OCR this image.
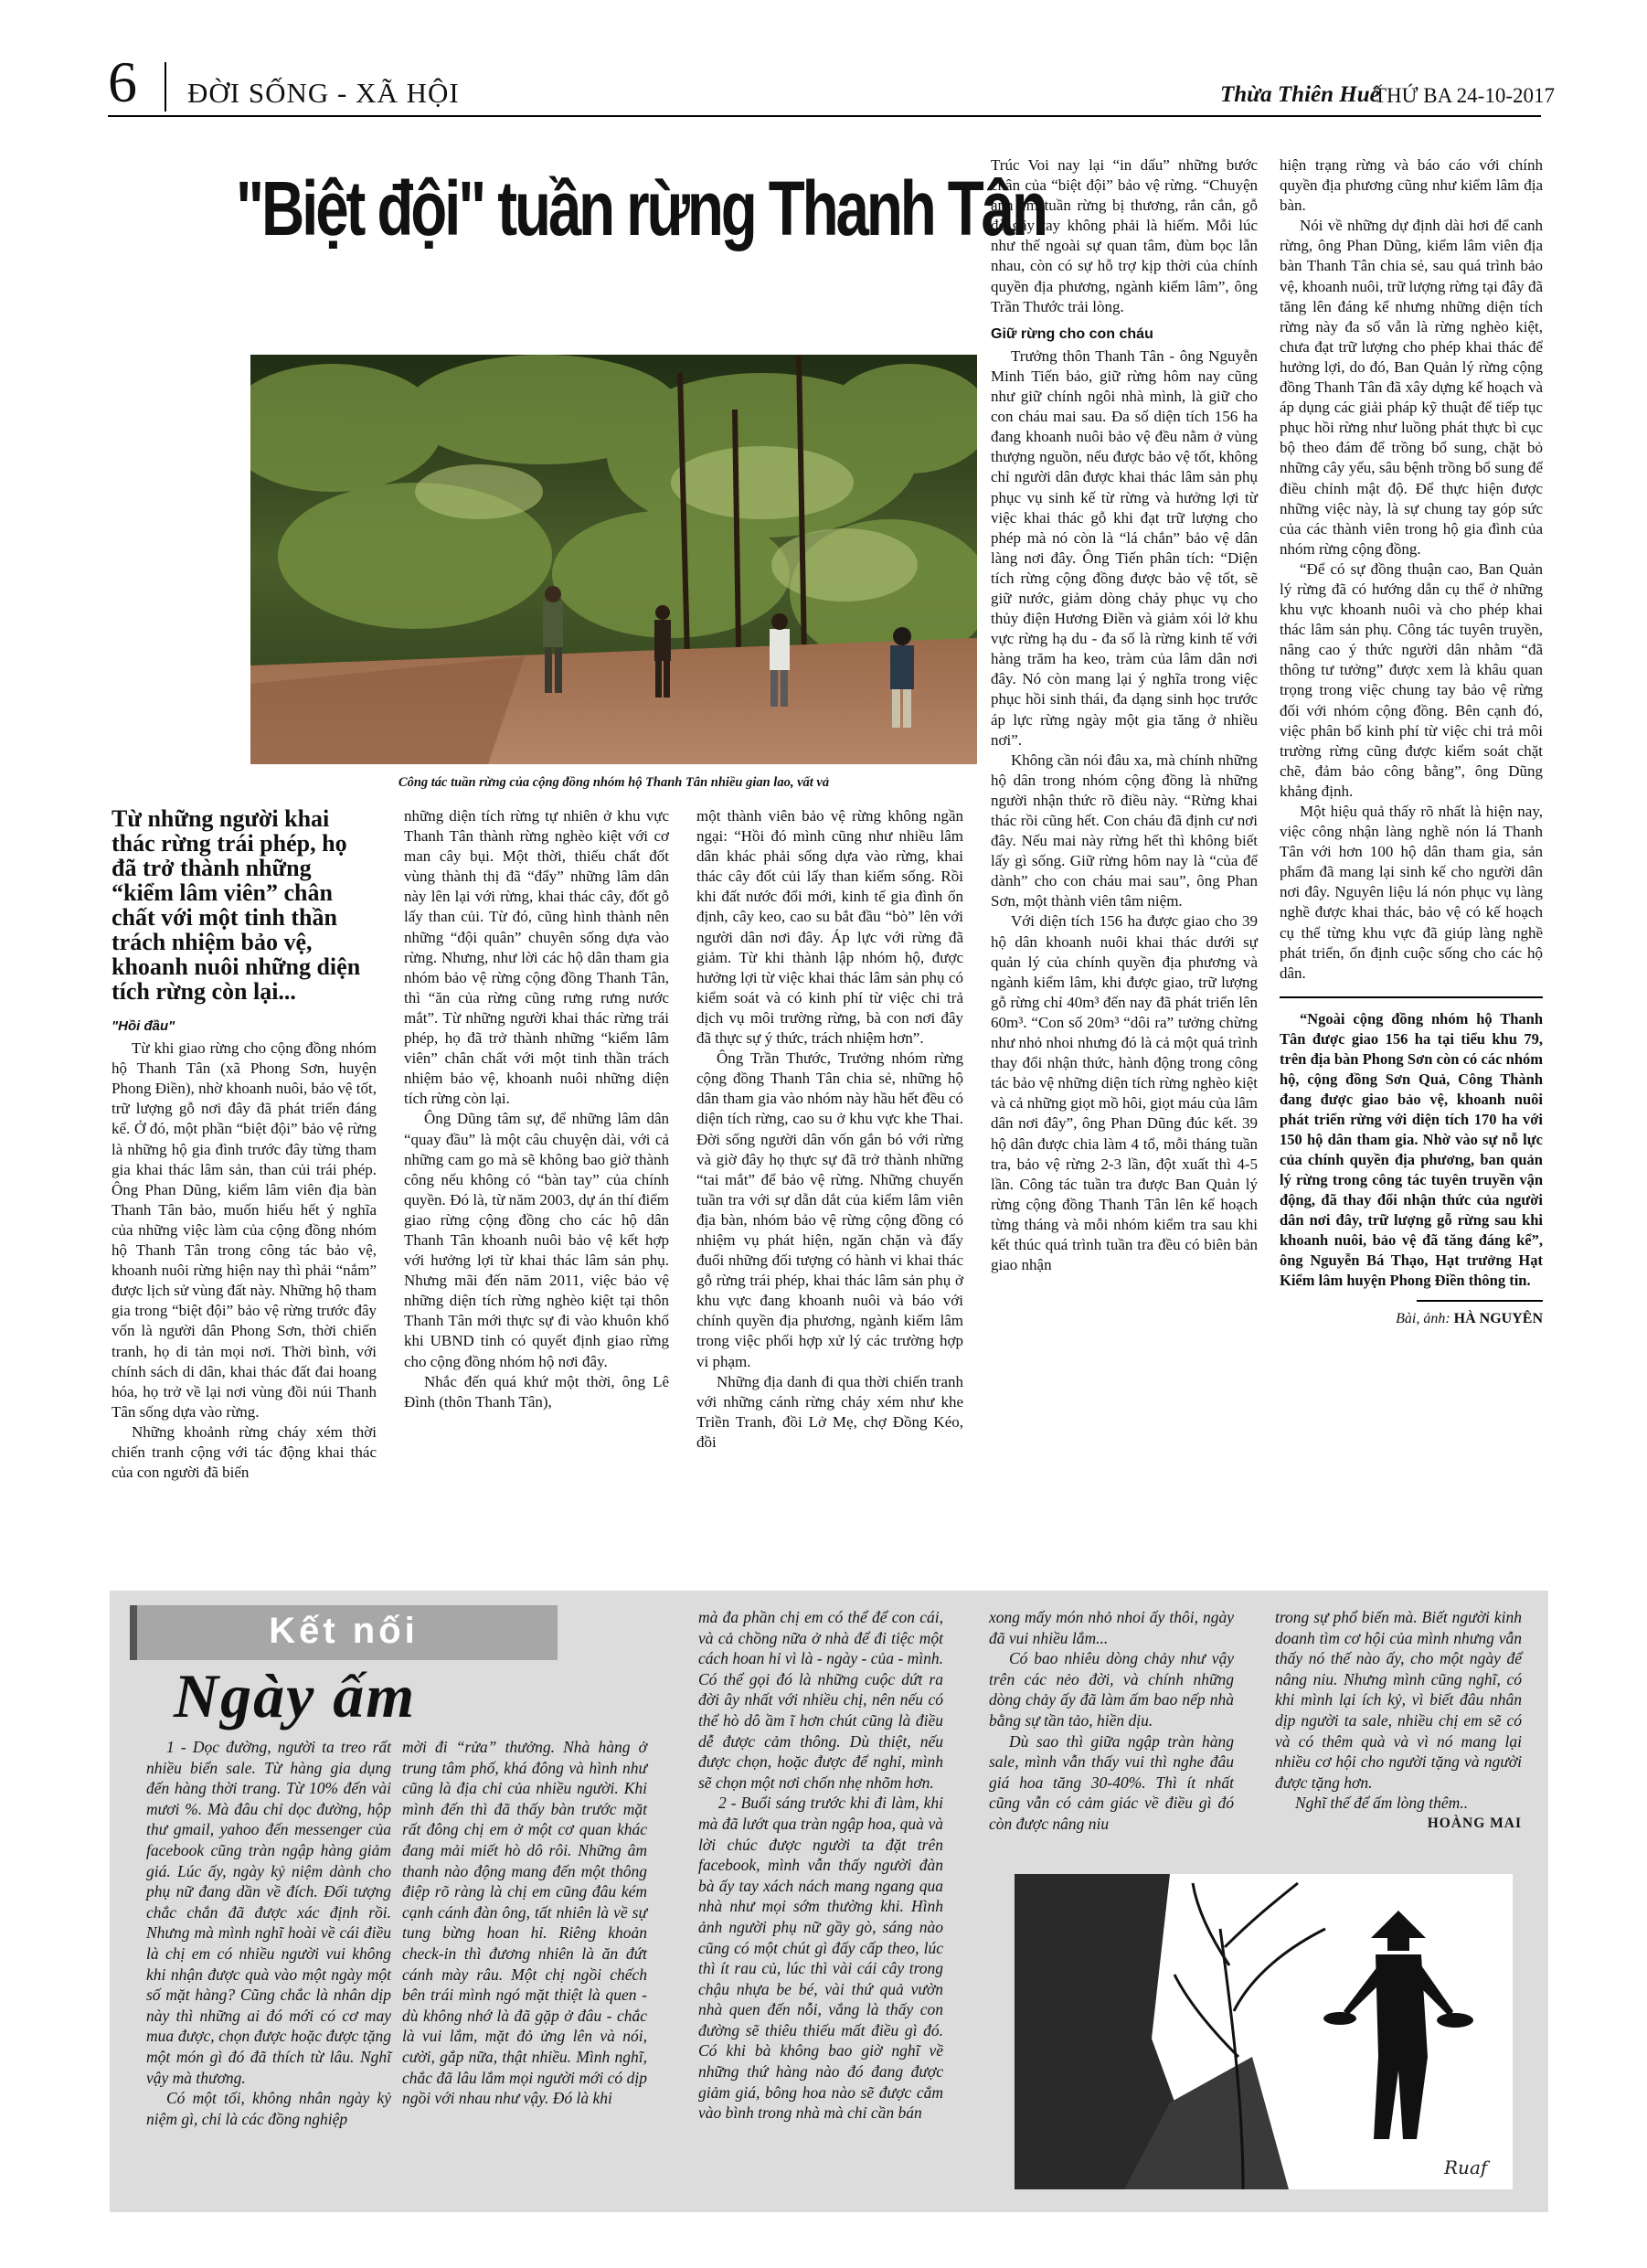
6 ĐỜI SỐNG - XÃ HỘI	Thừa Thiên Huế
THỨ BA 24-10-2017
"Biệt đội" tuần rừng Thanh Tân
Công tác tuần rừng của cộng đồng nhóm hộ Thanh Tân nhiều gian lao, vất vả

Từ những người khai thác rừng trái phép, họ đã trở thành những “kiểm lâm viên” chân chất với một tinh thần trách nhiệm bảo vệ, khoanh nuôi những diện tích rừng còn lại...

"Hồi đầu"

Từ khi giao rừng cho cộng đồng nhóm hộ Thanh Tân (xã Phong Sơn, huyện Phong Điền), nhờ khoanh nuôi, bảo vệ tốt, trữ lượng gỗ nơi đây đã phát triển đáng kể. Ở đó, một phần “biệt đội” bảo vệ rừng là những hộ gia đình trước đây từng tham gia khai thác lâm sản, than củi trái phép. Ông Phan Dũng, kiểm lâm viên địa bàn Thanh Tân bảo, muốn hiểu hết ý nghĩa của những việc làm của cộng đồng nhóm hộ Thanh Tân trong công tác bảo vệ, khoanh nuôi rừng hiện nay thì phải “nắm” được lịch sử vùng đất này. Những hộ tham gia trong “biệt đội” bảo vệ rừng trước đây vốn là người dân Phong Sơn, thời chiến tranh, họ di tản mọi nơi. Thời bình, với chính sách di dân, khai thác đất đai hoang hóa, họ trở về lại nơi vùng đồi núi Thanh Tân sống dựa vào rừng.

Những khoảnh rừng cháy xém thời chiến tranh cộng với tác động khai thác của con người đã biến

những diện tích rừng tự nhiên ở khu vực Thanh Tân thành rừng nghèo kiệt với cơ man cây bụi. Một thời, thiếu chất đốt vùng thành thị đã “đẩy” những lâm dân này lên lại với rừng, khai thác cây, đốt gỗ lấy than củi. Từ đó, cũng hình thành nên những “đội quân” chuyên sống dựa vào rừng. Nhưng, như lời các hộ dân tham gia nhóm bảo vệ rừng cộng đồng Thanh Tân, thì “ăn của rừng cũng rưng rưng nước mắt”. Từ những người khai thác rừng trái phép, họ đã trở thành những “kiểm lâm viên” chân chất với một tinh thần trách nhiệm bảo vệ, khoanh nuôi những diện tích rừng còn lại.

Ông Dũng tâm sự, để những lâm dân “quay đầu” là một câu chuyện dài, với cả những cam go mà sẽ không bao giờ thành công nếu không có “bàn tay” của chính quyền. Đó là, từ năm 2003, dự án thí điểm giao rừng cộng đồng cho các hộ dân Thanh Tân khoanh nuôi bảo vệ kết hợp với hưởng lợi từ khai thác lâm sản phụ. Nhưng mãi đến năm 2011, việc bảo vệ những diện tích rừng nghèo kiệt tại thôn Thanh Tân mới thực sự đi vào khuôn khổ khi UBND tỉnh có quyết định giao rừng cho cộng đồng nhóm hộ nơi đây.

Nhắc đến quá khứ một thời, ông Lê Đình (thôn Thanh Tân),

một thành viên bảo vệ rừng không ngần ngại: “Hồi đó mình cũng như nhiều lâm dân khác phải sống dựa vào rừng, khai thác cây đốt củi lấy than kiếm sống. Rồi khi đất nước đổi mới, kinh tế gia đình ổn định, cây keo, cao su bắt đầu “bò” lên với người dân nơi đây. Áp lực với rừng đã giảm. Từ khi thành lập nhóm hộ, được hưởng lợi từ việc khai thác lâm sản phụ có kiểm soát và có kinh phí từ việc chi trả dịch vụ môi trường rừng, bà con nơi đây đã thực sự ý thức, trách nhiệm hơn”.

Ông Trần Thước, Trưởng nhóm rừng cộng đồng Thanh Tân chia sẻ, những hộ dân tham gia vào nhóm này hầu hết đều có diện tích rừng, cao su ở khu vực khe Thai. Đời sống người dân vốn gắn bó với rừng và giờ đây họ thực sự đã trở thành những “tai mắt” để bảo vệ rừng. Những chuyến tuần tra với sự dẫn dắt của kiểm lâm viên địa bàn, nhóm bảo vệ rừng cộng đồng có nhiệm vụ phát hiện, ngăn chặn và đẩy đuổi những đối tượng có hành vi khai thác gỗ rừng trái phép, khai thác lâm sản phụ ở khu vực đang khoanh nuôi và báo với chính quyền địa phương, ngành kiểm lâm trong việc phối hợp xử lý các trường hợp vi phạm.

Những địa danh đi qua thời chiến tranh với những cánh rừng cháy xém như khe Triền Tranh, đồi Lở Mẹ, chợ Đồng Kéo, đồi

Trúc Voi nay lại “in dấu” những bước chân của “biệt đội” bảo vệ rừng. “Chuyện anh em tuần rừng bị thương, rắn cắn, gỗ đè gãy tay không phải là hiếm. Mỗi lúc như thế ngoài sự quan tâm, đùm bọc lẫn nhau, còn có sự hỗ trợ kịp thời của chính quyền địa phương, ngành kiểm lâm”, ông Trần Thước trải lòng.

Giữ rừng cho con cháu

Trưởng thôn Thanh Tân - ông Nguyễn Minh Tiến bảo, giữ rừng hôm nay cũng như giữ chính ngôi nhà mình, là giữ cho con cháu mai sau. Đa số diện tích 156 ha đang khoanh nuôi bảo vệ đều nằm ở vùng thượng nguồn, nếu được bảo vệ tốt, không chỉ người dân được khai thác lâm sản phụ phục vụ sinh kế từ rừng và hưởng lợi từ việc khai thác gỗ khi đạt trữ lượng cho phép mà nó còn là “lá chắn” bảo vệ dân làng nơi đây. Ông Tiến phân tích: “Diện tích rừng cộng đồng được bảo vệ tốt, sẽ giữ nước, giảm dòng chảy phục vụ cho thủy điện Hương Điền và giảm xói lở khu vực rừng hạ du - đa số là rừng kinh tế với hàng trăm ha keo, tràm của lâm dân nơi đây. Nó còn mang lại ý nghĩa trong việc phục hồi sinh thái, đa dạng sinh học trước áp lực rừng ngày một gia tăng ở nhiều nơi”.

Không cần nói đâu xa, mà chính những hộ dân trong nhóm cộng đồng là những người nhận thức rõ điều này. “Rừng khai thác rồi cũng hết. Con cháu đã định cư nơi đây. Nếu mai này rừng hết thì không biết lấy gì sống. Giữ rừng hôm nay là “của để dành” cho con cháu mai sau”, ông Phan Sơn, một thành viên tâm niệm.

Với diện tích 156 ha được giao cho 39 hộ dân khoanh nuôi khai thác dưới sự quản lý của chính quyền địa phương và ngành kiểm lâm, khi được giao, trữ lượng gỗ rừng chỉ 40m³ đến nay đã phát triển lên 60m³. “Con số 20m³ “dôi ra” tưởng chừng như nhỏ nhoi nhưng đó là cả một quá trình thay đổi nhận thức, hành động trong công tác bảo vệ những diện tích rừng nghèo kiệt và cả những giọt mồ hôi, giọt máu của lâm dân nơi đây”, ông Phan Dũng đúc kết. 39 hộ dân được chia làm 4 tổ, mỗi tháng tuần tra, bảo vệ rừng 2-3 lần, đột xuất thì 4-5 lần. Công tác tuần tra được Ban Quản lý rừng cộng đồng Thanh Tân lên kế hoạch từng tháng và mỗi nhóm kiểm tra sau khi kết thúc quá trình tuần tra đều có biên bản giao nhận

hiện trạng rừng và báo cáo với chính quyền địa phương cũng như kiểm lâm địa bàn.

Nói về những dự định dài hơi để canh rừng, ông Phan Dũng, kiểm lâm viên địa bàn Thanh Tân chia sẻ, sau quá trình bảo vệ, khoanh nuôi, trữ lượng rừng tại đây đã tăng lên đáng kể nhưng những diện tích rừng này đa số vẫn là rừng nghèo kiệt, chưa đạt trữ lượng cho phép khai thác để hưởng lợi, do đó, Ban Quản lý rừng cộng đồng Thanh Tân đã xây dựng kế hoạch và áp dụng các giải pháp kỹ thuật để tiếp tục phục hồi rừng như luồng phát thực bì cục bộ theo đám để trồng bổ sung, chặt bỏ những cây yếu, sâu bệnh trồng bổ sung để điều chỉnh mật độ. Để thực hiện được những việc này, là sự chung tay góp sức của các thành viên trong hộ gia đình của nhóm rừng cộng đồng.

“Để có sự đồng thuận cao, Ban Quản lý rừng đã có hướng dẫn cụ thể ở những khu vực khoanh nuôi và cho phép khai thác lâm sản phụ. Công tác tuyên truyền, nâng cao ý thức người dân nhằm “đã thông tư tưởng” được xem là khâu quan trọng trong việc chung tay bảo vệ rừng đối với nhóm cộng đồng. Bên cạnh đó, việc phân bổ kinh phí từ việc chi trả môi trường rừng cũng được kiểm soát chặt chẽ, đảm bảo công bằng”, ông Dũng khẳng định.

Một hiệu quả thấy rõ nhất là hiện nay, việc công nhận làng nghề nón lá Thanh Tân với hơn 100 hộ dân tham gia, sản phẩm đã mang lại sinh kế cho người dân nơi đây. Nguyên liệu lá nón phục vụ làng nghề được khai thác, bảo vệ có kế hoạch cụ thể từng khu vực đã giúp làng nghề phát triển, ổn định cuộc sống cho các hộ dân.

“Ngoài cộng đồng nhóm hộ Thanh Tân được giao 156 ha tại tiểu khu 79, trên địa bàn Phong Sơn còn có các nhóm hộ, cộng đồng Sơn Quả, Công Thành đang được giao bảo vệ, khoanh nuôi phát triển rừng với diện tích 170 ha với 150 hộ dân tham gia. Nhờ vào sự nỗ lực của chính quyền địa phương, ban quản lý rừng trong công tác tuyên truyền vận động, đã thay đổi nhận thức của người dân nơi đây, trữ lượng gỗ rừng sau khi khoanh nuôi, bảo vệ đã tăng đáng kể”, ông Nguyễn Bá Thạo, Hạt trưởng Hạt Kiểm lâm huyện Phong Điền thông tin.

Bài, ảnh: HÀ NGUYÊN
Kết nối
Ngày ấm

1 - Dọc đường, người ta treo rất nhiều biển sale. Từ hàng gia dụng đến hàng thời trang. Từ 10% đến vài mươi %. Mà đâu chỉ dọc đường, hộp thư gmail, yahoo đến messenger của facebook cũng tràn ngập hàng giảm giá. Lúc ấy, ngày kỷ niệm dành cho phụ nữ đang dần về đích. Đối tượng chắc chắn đã được xác định rồi. Nhưng mà mình nghĩ hoài về cái điều là chị em có nhiều người vui không khi nhận được quà vào một ngày một số mặt hàng? Cũng chắc là nhân dịp này thì những ai đó mới có cơ may mua được, chọn được hoặc được tặng một món gì đó đã thích từ lâu. Nghĩ vậy mà thương.

Có một tối, không nhân ngày kỷ niệm gì, chỉ là các đồng nghiệp

mời đi “rửa” thưởng. Nhà hàng ở trung tâm phố, khá đông và hình như cũng là địa chỉ của nhiều người. Khi mình đến thì đã thấy bàn trước mặt rất đông chị em ở một cơ quan khác đang mải miết hò dô rôi. Những âm thanh nào động mang đến một thông điệp rõ ràng là chị em cũng đâu kém cạnh cánh đàn ông, tất nhiên là về sự tung bừng hoan hỉ. Riêng khoản check-in thì đương nhiên là ăn đứt cánh mày râu. Một chị ngồi chếch bên trái mình ngó mặt thiệt là quen - dù không nhớ là đã gặp ở đâu - chắc là vui lắm, mặt đỏ ửng lên và nói, cười, gắp nữa, thật nhiều. Mình nghĩ, chắc đã lâu lắm mọi người mới có dịp ngồi với nhau như vậy. Đó là khi

mà đa phần chị em có thể để con cái, và cả chồng nữa ở nhà để đi tiệc một cách hoan hỉ vì là - ngày - của - mình. Có thể gọi đó là những cuộc dứt ra đời ây nhất với nhiều chị, nên nếu có thể hò dô ầm ĩ hơn chút cũng là điều dễ được cảm thông. Dù thiệt, nếu được chọn, hoặc được để nghỉ, mình sẽ chọn một nơi chốn nhẹ nhõm hơn.

2 - Buổi sáng trước khi đi làm, khi mà đã lướt qua tràn ngập hoa, quà và lời chúc được người ta đặt trên facebook, mình vẫn thấy người đàn bà ấy tay xách nách mang ngang qua nhà như mọi sớm thường khi. Hình ảnh người phụ nữ gầy gò, sáng nào cũng có một chút gì đấy cấp theo, lúc thì ít rau củ, lúc thì vài cái cây trong chậu nhựa be bé, vài thứ quả vườn nhà quen đến nỗi, vắng là thấy con đường sẽ thiêu thiếu mất điều gì đó. Có khi bà không bao giờ nghĩ về những thứ hàng nào đó đang được giảm giá, bông hoa nào sẽ được cắm vào bình trong nhà mà chỉ cần bán

xong mấy món nhỏ nhoi ấy thôi, ngày đã vui nhiều lắm...

Có bao nhiêu dòng chảy như vậy trên các nẻo đời, và chính những dòng chảy ấy đã làm ấm bao nếp nhà bằng sự tần tảo, hiền dịu.

Dù sao thì giữa ngập tràn hàng sale, mình vẫn thấy vui thì nghe đâu giá hoa tăng 30-40%. Thì ít nhất cũng vẫn có cảm giác về điều gì đó còn được nâng niu

trong sự phổ biến mà. Biết người kinh doanh tìm cơ hội của mình nhưng vẫn thấy nó thế nào ấy, cho một ngày để nâng niu. Nhưng mình cũng nghĩ, có khi mình lại ích kỷ, vì biết đâu nhân dịp người ta sale, nhiều chị em sẽ có và có thêm quà và vì nó mang lại nhiều cơ hội cho người tặng và người được tặng hơn.

Nghĩ thế để ấm lòng thêm..

HOÀNG MAI
Ruaf
